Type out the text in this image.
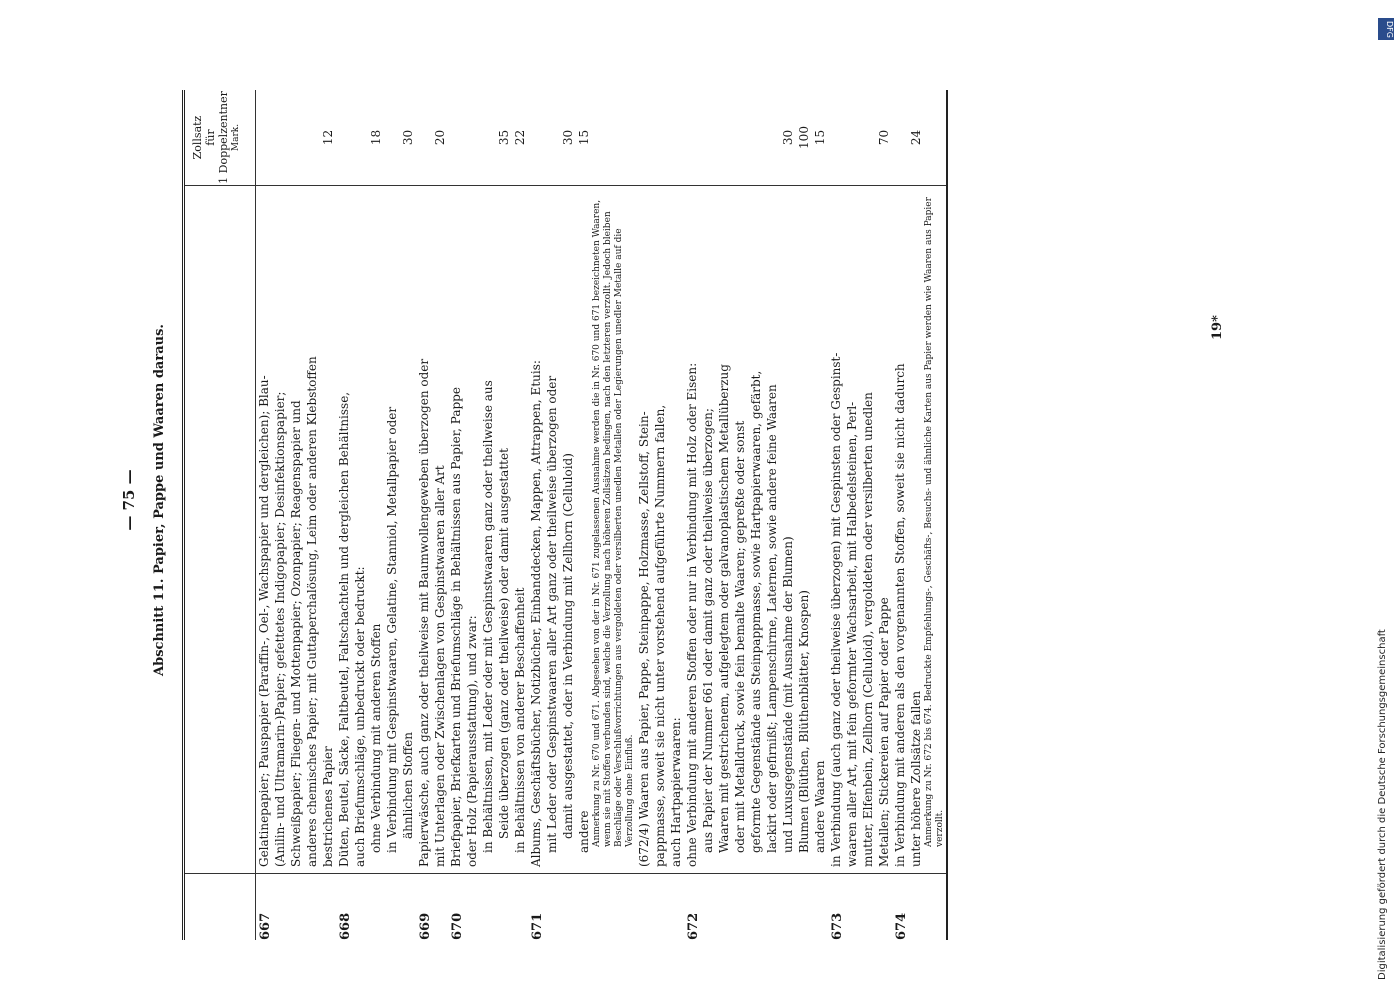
— 75 — Abschnitt 11. Papier, Pappe und Waaren daraus.
Zollsatz für 1 Doppelzentner Mark.
667
Gelatinepapier; Pauspapier (Paraffin-, Oel-, Wachspapier und dergleichen); Blau- (Anilin- und Ultramarin-)Papier; gefettetes Indigopapier; Desinfektionspapier; Schweißpapier; Fliegen- und Mottenpapier; Ozonpapier; Reagenspapier und anderes chemisches Papier; mit Guttaperchalösung, Leim oder anderen Klebstoffen bestrichenes Papier
12
668
Düten, Beutel, Säcke, Faltbeutel, Faltschachteln und dergleichen Behältnisse, auch Briefumschläge, unbedruckt oder bedruckt: ohne Verbindung mit anderen Stoffen in Verbindung mit Gespinstwaaren, Gelatine, Stanniol, Metallpapier oder ähnlichen Stoffen
18 30
669
Papierwäsche, auch ganz oder theilweise mit Baumwollengeweben überzogen oder mit Unterlagen oder Zwischenlagen von Gespinstwaaren aller Art
20
670
Briefpapier, Briefkarten und Briefumschläge in Behältnissen aus Papier, Pappe oder Holz (Papierausstattung), und zwar: in Behältnissen, mit Leder oder mit Gespinstwaaren ganz oder theilweise aus Seide überzogen (ganz oder theilweise) oder damit ausgestattet in Behältnissen von anderer Beschaffenheit
35 22
671
Albums, Geschäftsbücher, Notizbücher, Einbanddecken, Mappen, Attrappen, Etuis: mit Leder oder Gespinstwaaren aller Art ganz oder theilweise überzogen oder damit ausgestattet, oder in Verbindung mit Zellhorn (Celluloid) andere
30 15
Anmerkung zu Nr. 670 und 671. Abgesehen von der in Nr. 671 zugelassenen Ausnahme werden die in Nr. 670 und 671 bezeichneten Waaren, wenn sie mit Stoffen verbunden sind, welche die Verzollung nach höheren Zollsätzen bedingen, nach den letzteren verzollt. Jedoch bleiben Beschläge oder Verschlußvorrichtungen aus vergoldeten oder versilberten unedlen Metallen oder Legierungen unedler Metalle auf die Verzollung ohne Einfluß. (672/4) Waaren aus Papier, Pappe, Steinpappe, Holzmasse, Zellstoff, Stein- pappmasse, soweit sie nicht unter vorstehend aufgeführte Nummern fallen, auch Hartpapierwaaren:
672
ohne Verbindung mit anderen Stoffen oder nur in Verbindung mit Holz oder Eisen: aus Papier der Nummer 661 oder damit ganz oder theilweise überzogen; Waaren mit gestrichenem, aufgelegtem oder galvanoplastischem Metallüberzug oder mit Metalldruck, sowie fein bemalte Waaren; gepreßte oder sonst geformte Gegenstände aus Steinpappmasse, sowie Hartpapierwaaren, gefärbt, lackirt oder gefirnißt; Lampenschirme, Laternen, sowie andere feine Waaren und Luxusgegenstände (mit Ausnahme der Blumen) Blumen (Blüthen, Blüthenblätter, Knospen) andere Waaren
30 100 15
673
in Verbindung (auch ganz oder theilweise überzogen) mit Gespinsten oder Gespinst- waaren aller Art, mit fein geformter Wachsarbeit, mit Halbedelsteinen, Perl- mutter, Elfenbein, Zellhorn (Celluloid), vergoldeten oder versilberten unedlen Metallen; Stickereien auf Papier oder Pappe
70
674
in Verbindung mit anderen als den vorgenannten Stoffen, soweit sie nicht dadurch unter höhere Zollsätze fallen
24
Anmerkung zu Nr. 672 bis 674. Bedruckte Empfehlungs-, Geschäfts-, Besuchs- und ähnliche Karten aus Papier werden wie Waaren aus Papier verzollt.
19*
DFG
Digitalisierung gefördert durch die Deutsche Forschungsgemeinschaft
